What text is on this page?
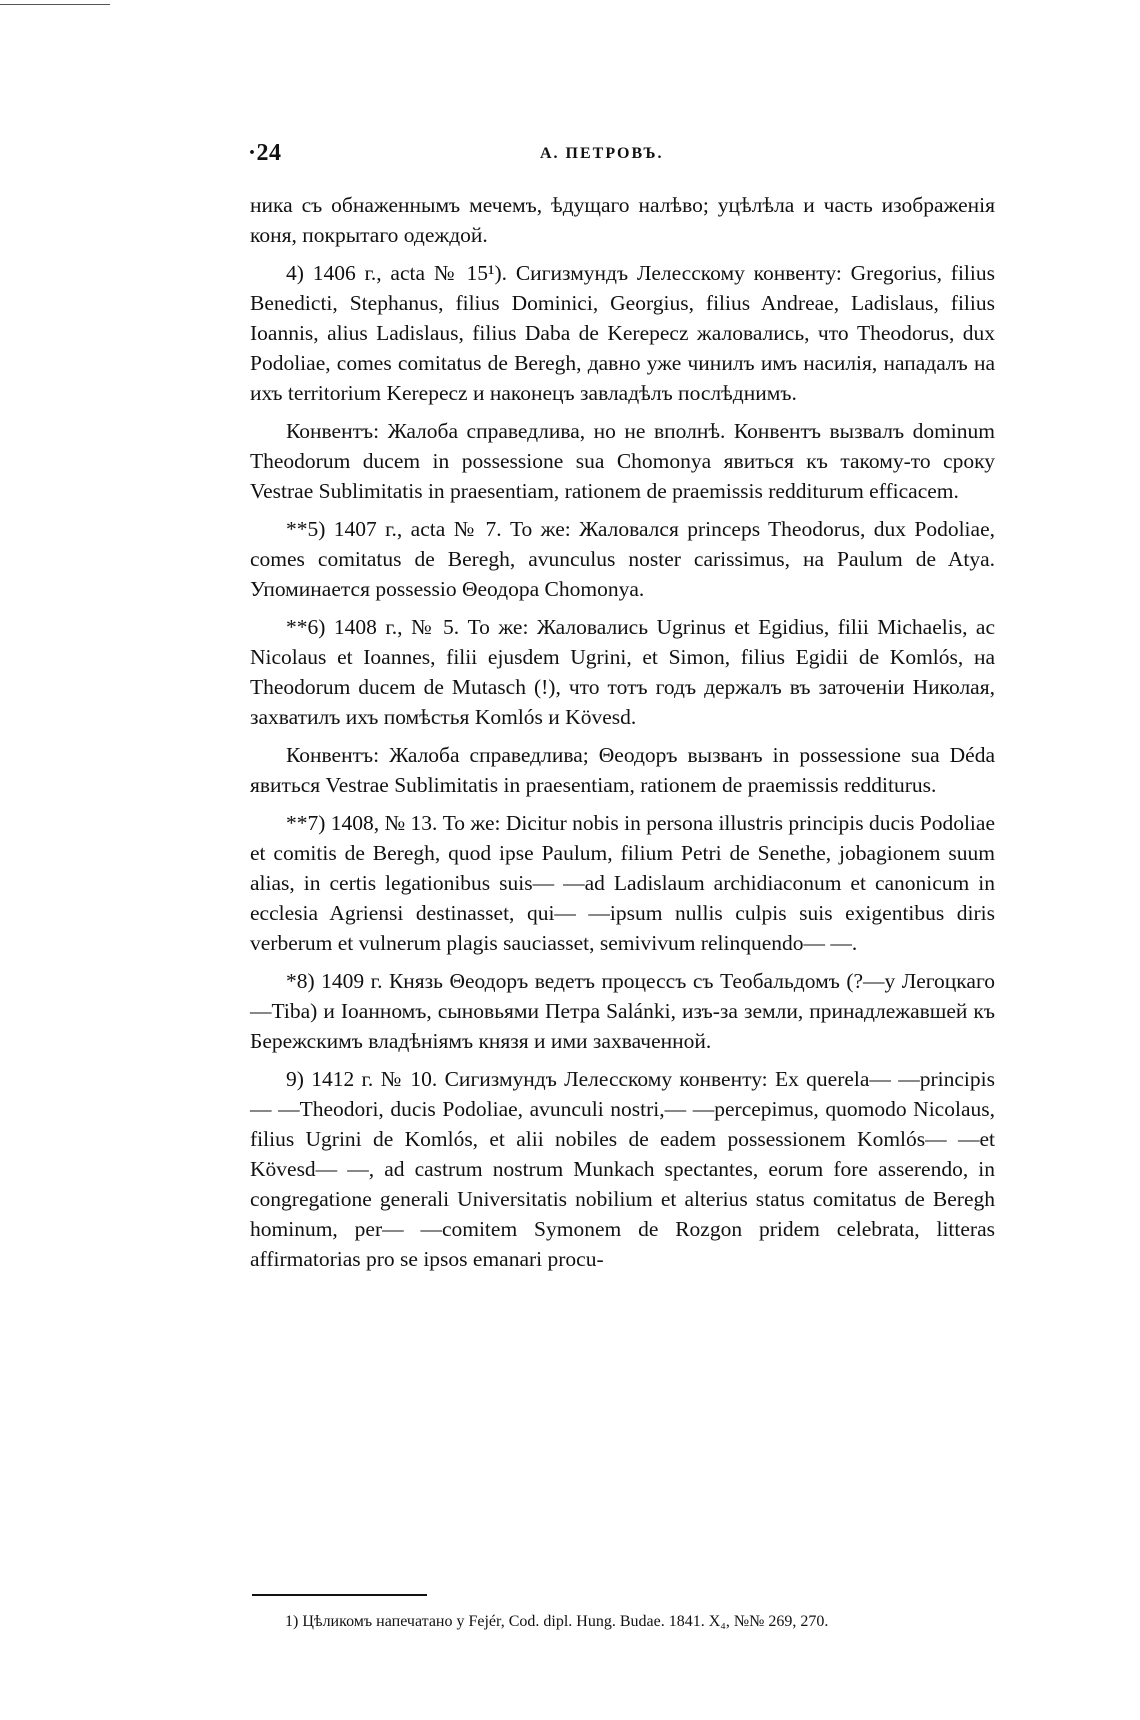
·24	А. ПЕТРОВЪ.

ника съ обнаженнымъ мечемъ, ѣдущаго налѣво; уцѣлѣла и часть изображенія коня, покрытаго одеждой.

4) 1406 г., acta № 15¹). Сигизмундъ Лелесскому конвенту: Gregorius, filius Benedicti, Stephanus, filius Dominici, Georgius, filius Andreae, Ladislaus, filius Ioannis, alius Ladislaus, filius Daba de Kerepecz жаловались, что Theodorus, dux Podoliae, comes comitatus de Beregh, давно уже чинилъ имъ насилія, нападалъ на ихъ territorium Kerepecz и наконецъ завладѣлъ послѣднимъ.

Конвентъ: Жалоба справедлива, но не вполнѣ. Конвентъ вызвалъ dominum Theodorum ducem in possessione sua Chomonya явиться къ такому-то сроку Vestrae Sublimitatis in praesentiam, rationem de praemissis redditurum efficacem.

**5) 1407 г., acta № 7. То же: Жаловался princeps Theodorus, dux Podoliae, comes comitatus de Beregh, avunculus noster carissimus, на Paulum de Atya. Упоминается possessio Θеодора Chomonya.

**6) 1408 г., № 5. То же: Жаловались Ugrinus et Egidius, filii Michaelis, ac Nicolaus et Ioannes, filii ejusdem Ugrini, et Simon, filius Egidii de Komlós, на Theodorum ducem de Mutasch (!), что тотъ годъ держалъ въ заточеніи Николая, захватилъ ихъ помѣстья Komlós и Kövesd.

Конвентъ: Жалоба справедлива; Θеодоръ вызванъ in possessione sua Déda явиться Vestrae Sublimitatis in praesentiam, rationem de praemissis redditurus.

**7) 1408, № 13. То же: Dicitur nobis in persona illustris principis ducis Podoliae et comitis de Beregh, quod ipse Paulum, filium Petri de Senethe, jobagionem suum alias, in certis legationibus suis— —ad Ladislaum archidiaconum et canonicum in ecclesia Agriensi destinasset, qui— —ipsum nullis culpis suis exigentibus diris verberum et vulnerum plagis sauciasset, semivivum relinquendo— —.

*8) 1409 г. Князь Θеодоръ ведетъ процессъ съ Теобальдомъ (?—у Легоцкаго—Tiba) и Іоанномъ, сыновьями Петра Salánki, изъ-за земли, принадлежавшей къ Бережскимъ владѣніямъ князя и ими захваченной.

9) 1412 г. № 10. Сигизмундъ Лелесскому конвенту: Ex querela— —principis— —Theodori, ducis Podoliae, avunculi nostri,— —percepimus, quomodo Nicolaus, filius Ugrini de Komlós, et alii nobiles de eadem possessionem Komlós— —et Kövesd— —, ad castrum nostrum Munkach spectantes, eorum fore asserendo, in congregatione generali Universitatis nobilium et alterius status comitatus de Beregh hominum, per— —comitem Symonem de Rozgon pridem celebrata, litteras affirmatorias pro se ipsos emanari procu-

1) Цѣликомъ напечатано у Fejér, Cod. dipl. Hung. Budae. 1841. X₄, №№ 269, 270.
